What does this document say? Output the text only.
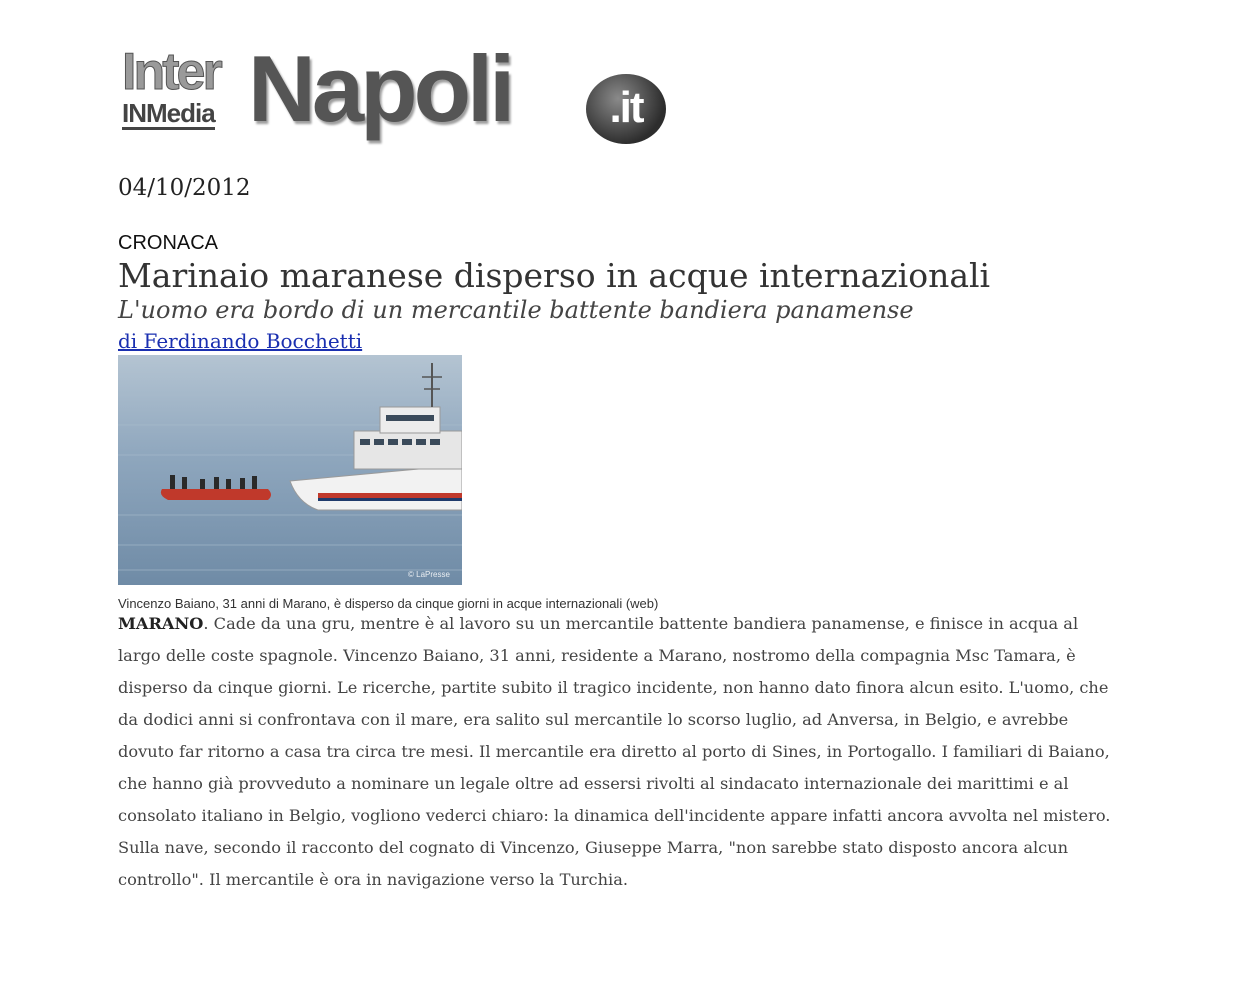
Inter
INMedia Napoli	.it
04/10/2012
CRONACA
Marinaio maranese disperso in acque internazionali
L'uomo era bordo di un mercantile battente bandiera panamense
di Ferdinando Bocchetti
© LaPresse
Vincenzo Baiano, 31 anni di Marano, è disperso da cinque giorni in acque internazionali (web)
MARANO. Cade da una gru, mentre è al lavoro su un mercantile battente bandiera panamense, e finisce in acqua al largo delle coste spagnole. Vincenzo Baiano, 31 anni, residente a Marano, nostromo della compagnia Msc Tamara, è disperso da cinque giorni. Le ricerche, partite subito il tragico incidente, non hanno dato finora alcun esito. L'uomo, che da dodici anni si confrontava con il mare, era salito sul mercantile lo scorso luglio, ad Anversa, in Belgio, e avrebbe dovuto far ritorno a casa tra circa tre mesi. Il mercantile era diretto al porto di Sines, in Portogallo. I familiari di Baiano, che hanno già provveduto a nominare un legale oltre ad essersi rivolti al sindacato internazionale dei marittimi e al consolato italiano in Belgio, vogliono vederci chiaro: la dinamica dell'incidente appare infatti ancora avvolta nel mistero. Sulla nave, secondo il racconto del cognato di Vincenzo, Giuseppe Marra, "non sarebbe stato disposto ancora alcun controllo". Il mercantile è ora in navigazione verso la Turchia.
